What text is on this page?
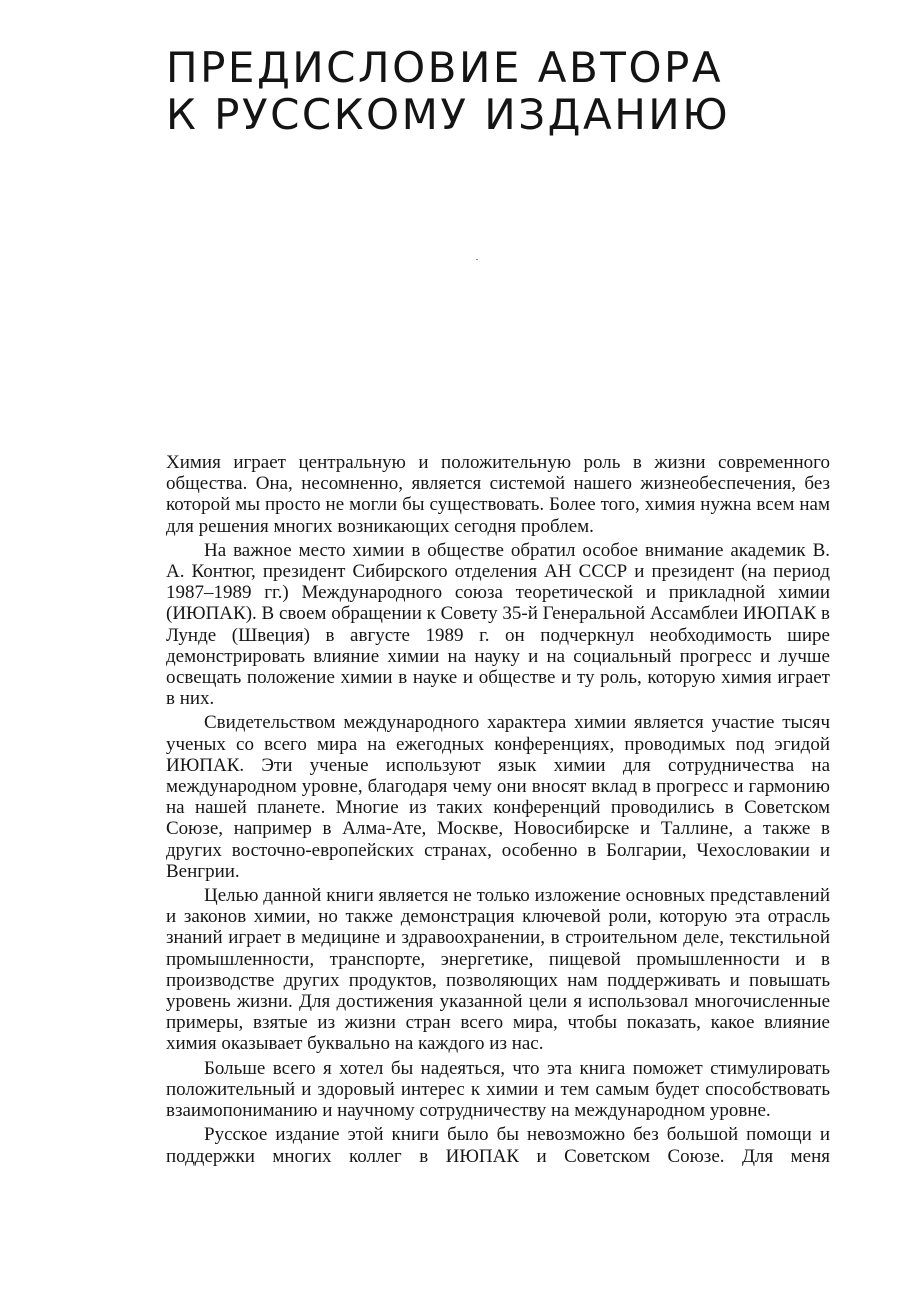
ПРЕДИСЛОВИЕ АВТОРА
К РУССКОМУ ИЗДАНИЮ

Химия играет центральную и положительную роль в жизни современного общества. Она, несомненно, является системой нашего жизнеобеспечения, без которой мы просто не могли бы существовать. Более того, химия нужна всем нам для решения многих возникающих сегодня проблем.

На важное место химии в обществе обратил особое внимание академик В. А. Контюг, президент Сибирского отделения АН СССР и президент (на период 1987–1989 гг.) Международного союза теоретической и прикладной химии (ИЮПАК). В своем обращении к Совету 35-й Генеральной Ассамблеи ИЮПАК в Лунде (Швеция) в августе 1989 г. он подчеркнул необходимость шире демонстрировать влияние химии на науку и на социальный прогресс и лучше освещать положение химии в науке и обществе и ту роль, которую химия играет в них.

Свидетельством международного характера химии является участие тысяч ученых со всего мира на ежегодных конференциях, проводимых под эгидой ИЮПАК. Эти ученые используют язык химии для сотрудничества на международном уровне, благодаря чему они вносят вклад в прогресс и гармонию на нашей планете. Многие из таких конференций проводились в Советском Союзе, например в Алма-Ате, Москве, Новосибирске и Таллине, а также в других восточно-европейских странах, особенно в Болгарии, Чехословакии и Венгрии.

Целью данной книги является не только изложение основных представлений и законов химии, но также демонстрация ключевой роли, которую эта отрасль знаний играет в медицине и здравоохранении, в строительном деле, текстильной промышленности, транспорте, энергетике, пищевой промышленности и в производстве других продуктов, позволяющих нам поддерживать и повышать уровень жизни. Для достижения указанной цели я использовал многочисленные примеры, взятые из жизни стран всего мира, чтобы показать, какое влияние химия оказывает буквально на каждого из нас.

Больше всего я хотел бы надеяться, что эта книга поможет стимулировать положительный и здоровый интерес к химии и тем самым будет способствовать взаимопониманию и научному сотрудничеству на международном уровне.

Русское издание этой книги было бы невозможно без большой помощи и поддержки многих коллег в ИЮПАК и Советском Союзе. Для меня
